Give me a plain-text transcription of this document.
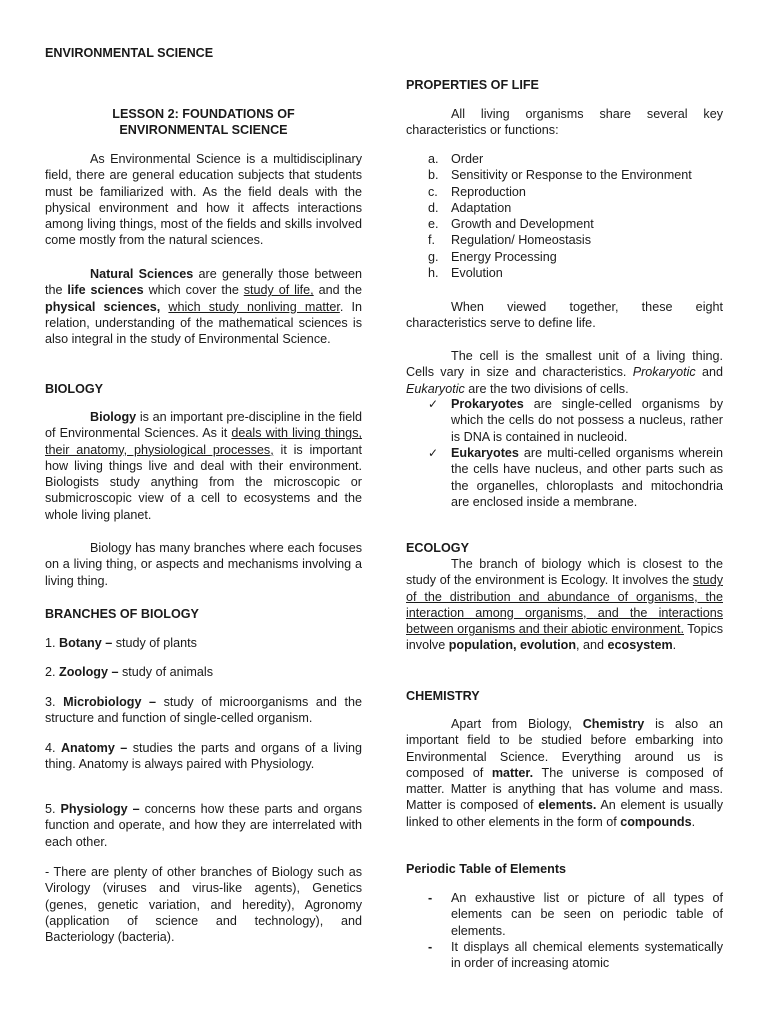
ENVIRONMENTAL SCIENCE
LESSON 2: FOUNDATIONS OF
ENVIRONMENTAL SCIENCE

As Environmental Science is a multidisciplinary field, there are general education subjects that students must be familiarized with. As the field deals with the physical environment and how it affects interactions among living things, most of the fields and skills involved come mostly from the natural sciences.

Natural Sciences are generally those between the life sciences which cover the study of life, and the physical sciences, which study nonliving matter. In relation, understanding of the mathematical sciences is also integral in the study of Environmental Science.

BIOLOGY

Biology is an important pre-discipline in the field of Environmental Sciences. As it deals with living things, their anatomy, physiological processes, it is important how living things live and deal with their environment. Biologists study anything from the microscopic or submicroscopic view of a cell to ecosystems and the whole living planet.

Biology has many branches where each focuses on a living thing, or aspects and mechanisms involving a living thing.

BRANCHES OF BIOLOGY

1. Botany – study of plants

2. Zoology – study of animals

3. Microbiology – study of microorganisms and the structure and function of single-celled organism.

4. Anatomy – studies the parts and organs of a living thing. Anatomy is always paired with Physiology.

5. Physiology – concerns how these parts and organs function and operate, and how they are interrelated with each other.

- There are plenty of other branches of Biology such as Virology (viruses and virus-like agents), Genetics (genes, genetic variation, and heredity), Agronomy (application of science and technology), and Bacteriology (bacteria).

PROPERTIES OF LIFE

All living organisms share several key characteristics or functions:

a. Order
b. Sensitivity or Response to the Environment
c. Reproduction
d. Adaptation
e. Growth and Development
f. Regulation/ Homeostasis
g. Energy Processing
h. Evolution

When viewed together, these eight characteristics serve to define life.

The cell is the smallest unit of a living thing. Cells vary in size and characteristics. Prokaryotic and Eukaryotic are the two divisions of cells.

✓ Prokaryotes are single-celled organisms by which the cells do not possess a nucleus, rather is DNA is contained in nucleoid.
✓ Eukaryotes are multi-celled organisms wherein the cells have nucleus, and other parts such as the organelles, chloroplasts and mitochondria are enclosed inside a membrane.
ECOLOGY

The branch of biology which is closest to the study of the environment is Ecology. It involves the study of the distribution and abundance of organisms, the interaction among organisms, and the interactions between organisms and their abiotic environment. Topics involve population, evolution, and ecosystem.

CHEMISTRY

Apart from Biology, Chemistry is also an important field to be studied before embarking into Environmental Science. Everything around us is composed of matter. The universe is composed of matter. Matter is anything that has volume and mass. Matter is composed of elements. An element is usually linked to other elements in the form of compounds.

Periodic Table of Elements
- An exhaustive list or picture of all types of elements can be seen on periodic table of elements.
- It displays all chemical elements systematically in order of increasing atomic
